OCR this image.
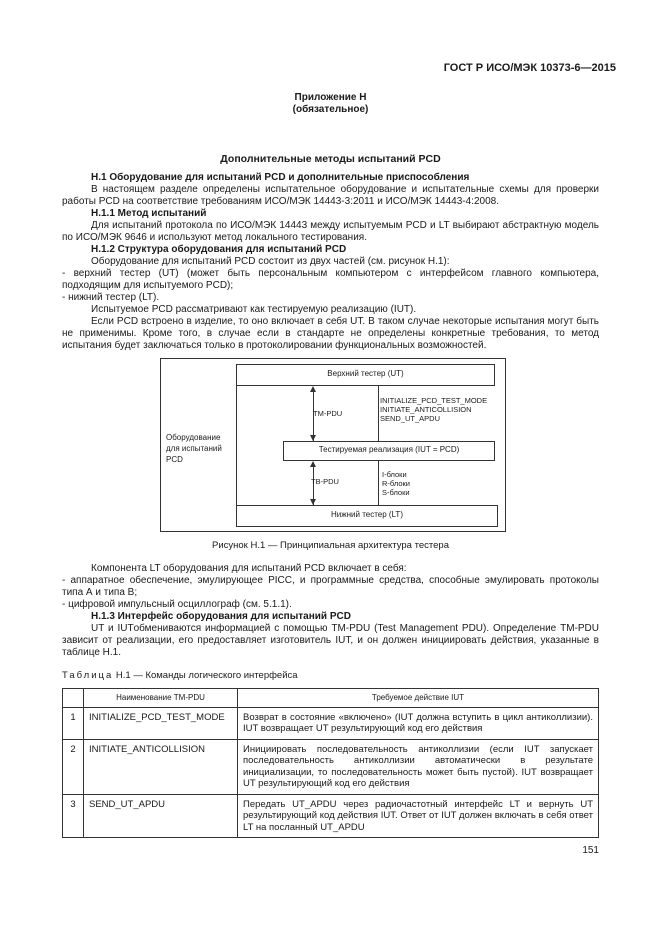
ГОСТ Р ИСО/МЭК 10373-6—2015
Приложение Н
(обязательное)
Дополнительные методы испытаний PCD

Н.1 Оборудование для испытаний PCD и дополнительные приспособления

В настоящем разделе определены испытательное оборудование и испытательные схемы для проверки работы PCD на соответствие требованиям ИСО/МЭК 14443-3:2011 и ИСО/МЭК 14443-4:2008.

Н.1.1 Метод испытаний

Для испытаний протокола по ИСО/МЭК 14443 между испытуемым PCD и LT выбирают абстрактную модель по ИСО/МЭК 9646 и используют метод локального тестирования.

Н.1.2 Структура оборудования для испытаний PCD

Оборудование для испытаний PCD состоит из двух частей (см. рисунок Н.1):

- верхний тестер (UT) (может быть персональным компьютером с интерфейсом главного компьютера, подходящим для испытуемого PCD);

- нижний тестер (LT).

Испытуемое PCD рассматривают как тестируемую реализацию (IUT).

Если PCD встроено в изделие, то оно включает в себя UT. В таком случае некоторые испытания могут быть не применимы. Кроме того, в случае если в стандарте не определены конкретные требования, то метод испытания будет заключаться только в протоколировании функциональных возможностей.

Верхний тестер (UT)
Тестируемая реализация (IUT = PCD)
Нижний тестер (LT)
TM-PDU
TB-PDU
INITIALIZE_PCD_TEST_MODE
INITIATE_ANTICOLLISION
SEND_UT_APDU
I-блоки
R-блоки
S-блоки
Оборудование
для испытаний
PCD
Рисунок Н.1 — Принципиальная архитектура тестера

Компонента LT оборудования для испытаний PCD включает в себя:

- аппаратное обеспечение, эмулирующее PICC, и программные средства, способные эмулировать протоколы типа А и типа В;

- цифровой импульсный осциллограф (см. 5.1.1).

Н.1.3 Интерфейс оборудования для испытаний PCD

UT и IUTобмениваются информацией с помощью TM-PDU (Test Management PDU). Определение TM-PDU зависит от реализации, его предоставляет изготовитель IUT, и он должен инициировать действия, указанные в таблице Н.1.

Таблица Н.1 — Команды логического интерфейса
	Наименование TM-PDU	Требуемое действие IUT
1	INITIALIZE_PCD_TEST_MODE	Возврат в состояние «включено» (IUT должна вступить в цикл антиколлизии). IUT возвращает UT результирующий код его действия
2	INITIATE_ANTICOLLISION	Инициировать последовательность антиколлизии (если IUT запускает последовательность антиколлизии автоматически в результате инициализации, то последовательность может быть пустой). IUT возвращает UT результирующий код его действия
3	SEND_UT_APDU	Передать UT_APDU через радиочастотный интерфейс LT и вернуть UT результирующий код действия IUT. Ответ от IUT должен включать в себя ответ LT на посланный UT_APDU
151
